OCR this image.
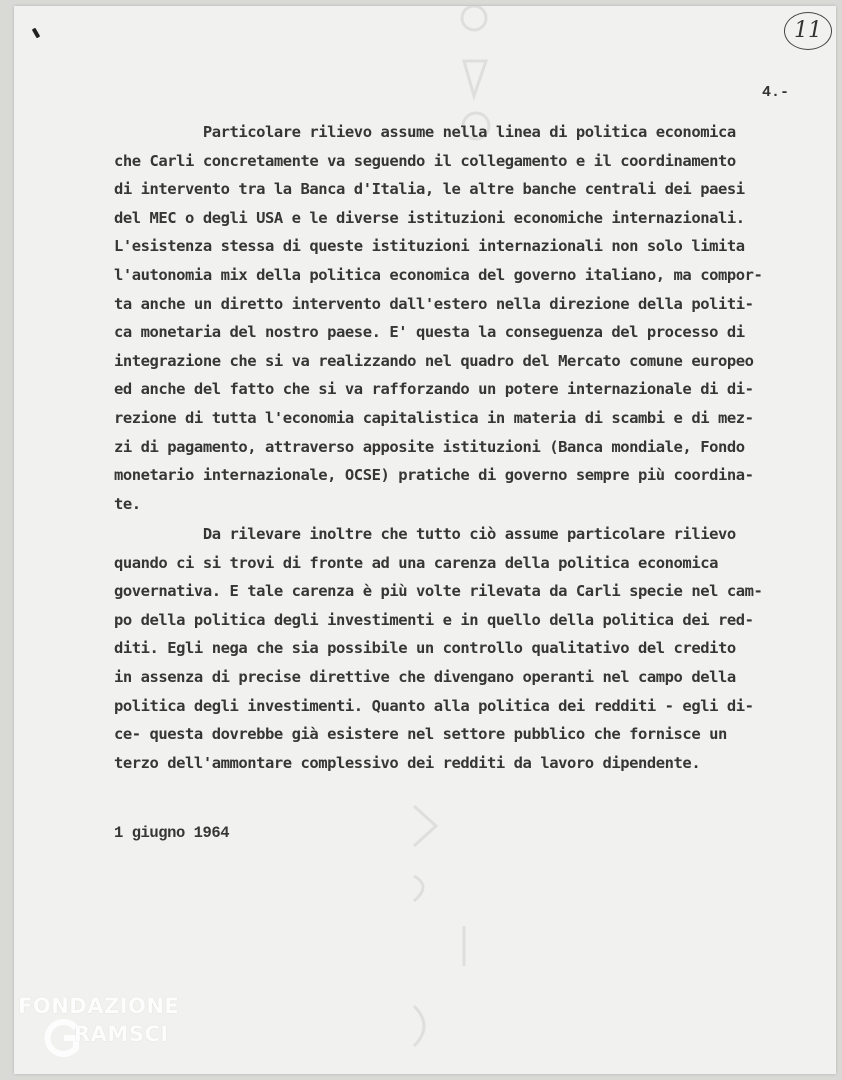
11
4.-
Particolare rilievo assume nella linea di politica economica
che Carli concretamente va seguendo il collegamento e il coordinamento
di intervento tra la Banca d'Italia, le altre banche centrali dei paesi
del MEC o degli USA e le diverse istituzioni economiche internazionali.
L'esistenza stessa di queste istituzioni internazionali non solo limita
l'autonomia mix della politica economica del governo italiano, ma compor-
ta anche un diretto intervento dall'estero nella direzione della politi-
ca monetaria del nostro paese. E' questa la conseguenza del processo di
integrazione che si va realizzando nel quadro del Mercato comune europeo
ed anche del fatto che si va rafforzando un potere internazionale di di-
rezione di tutta l'economia capitalistica in materia di scambi e di mez-
zi di pagamento, attraverso apposite istituzioni (Banca mondiale, Fondo
monetario internazionale, OCSE) pratiche di governo sempre più coordina-
te.
Da rilevare inoltre che tutto ciò assume particolare rilievo
quando ci si trovi di fronte ad una carenza della politica economica
governativa. E tale carenza è più volte rilevata da Carli specie nel cam-
po della politica degli investimenti e in quello della politica dei red-
diti. Egli nega che sia possibile un controllo qualitativo del credito
in assenza di precise direttive che divengano operanti nel campo della
politica degli investimenti. Quanto alla politica dei redditi - egli di-
ce- questa dovrebbe già esistere nel settore pubblico che fornisce un
terzo dell'ammontare complessivo dei redditi da lavoro dipendente.
1 giugno 1964
FONDAZIONE
RAMSCI
